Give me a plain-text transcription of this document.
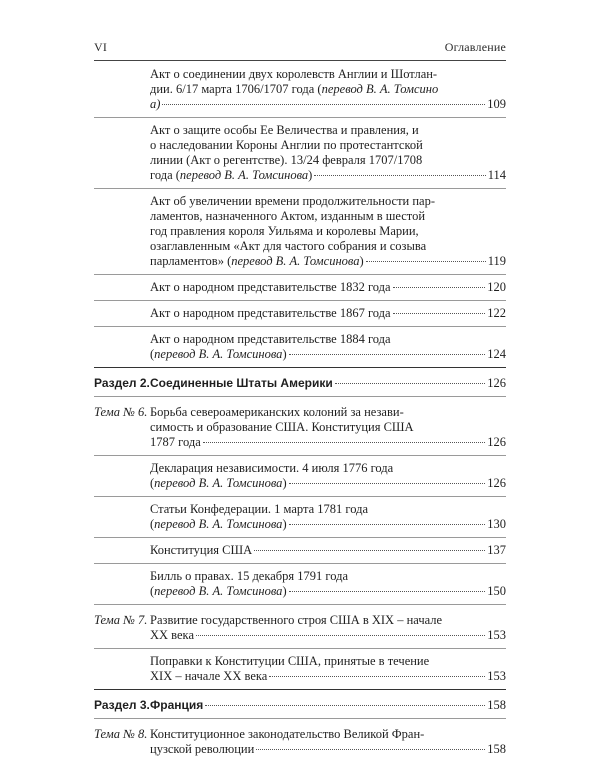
VI	Оглавление
Акт о соединении двух королевств Англии и Шотлан-
дии. 6/17 марта 1706/1707 года ( перевод В. А. Томсино
а)	109
Акт о защите особы Ее Величества и правления, и
о наследовании Короны Англии по протестантской
линии (Акт о регентстве). 13/24 февраля 1707/1708
года ( перевод В. А. Томсинова )	114
Акт об увеличении времени продолжительности пар-
ламентов, назначенного Актом, изданным в шестой
год правления короля Уильяма и королевы Марии,
озаглавленным «Акт для частого собрания и созыва
парламентов» ( перевод В. А. Томсинова )	119
Акт о народном представительстве 1832 года	120
Акт о народном представительстве 1867 года	122
Акт о народном представительстве 1884 года
( перевод В. А. Томсинова )	124
Раздел 2. Соединенные Штаты Америки	126
Тема № 6. Борьба североамериканских колоний за незави-
симость и образование США. Конституция США
1787 года	126
Декларация независимости. 4 июля 1776 года
( перевод В. А. Томсинова )	126
Статьи Конфедерации. 1 марта 1781 года
( перевод В. А. Томсинова )	130
Конституция США	137
Билль о правах. 15 декабря 1791 года
( перевод В. А. Томсинова )	150
Тема № 7. Развитие государственного строя США в XIX – начале
XX века	153
Поправки к Конституции США, принятые в течение
XIX – начале XX века	153
Раздел 3. Франция	158
Тема № 8. Конституционное законодательство Великой Фран-
цузской революции	158
